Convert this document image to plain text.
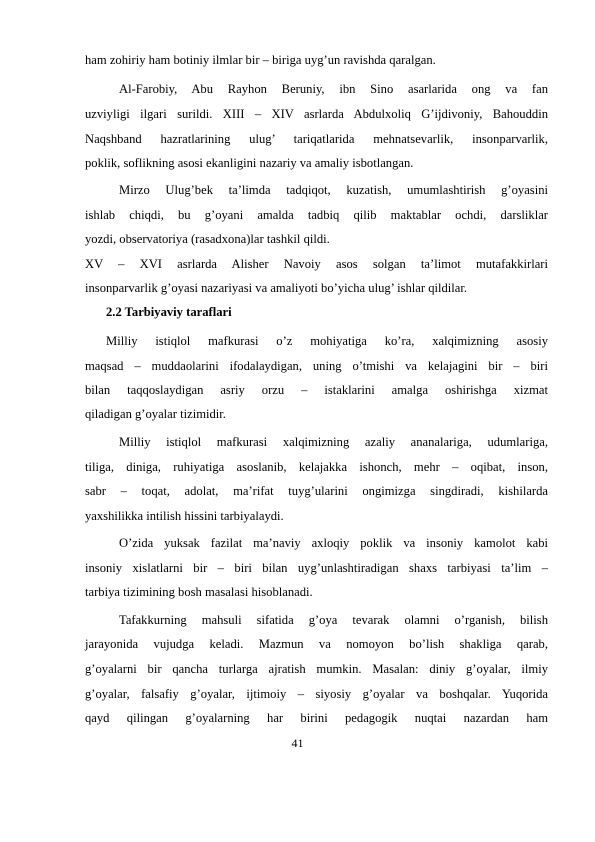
ham zohiriy ham botiniy ilmlar bir – biriga uyg’un ravishda qaralgan.
Al-Farobiy, Abu Rayhon Beruniy, ibn Sino asarlarida ong va fan
uzviyligi ilgari surildi. XIII – XIV asrlarda Abdulxoliq G’ijdivoniy, Bahouddin
Naqshband hazratlarining ulug’ tariqatlarida mehnatsevarlik, insonparvarlik,
poklik, soflikning asosi ekanligini nazariy va amaliy isbotlangan.
Mirzo Ulug’bek ta’limda tadqiqot, kuzatish, umumlashtirish g’oyasini
ishlab chiqdi, bu g’oyani amalda tadbiq qilib maktablar ochdi, darsliklar
yozdi, observatoriya (rasadxona)lar tashkil qildi.
XV – XVI asrlarda Alisher Navoiy asos solgan ta’limot mutafakkirlari
insonparvarlik g’oyasi nazariyasi va amaliyoti bo’yicha ulug’ ishlar qildilar.
2.2 Tarbiyaviy taraflari
Milliy istiqlol mafkurasi o’z mohiyatiga ko’ra, xalqimizning asosiy
maqsad – muddaolarini ifodalaydigan, uning o’tmishi va kelajagini bir – biri
bilan taqqoslaydigan asriy orzu – istaklarini amalga oshirishga xizmat
qiladigan g’oyalar tizimidir.
Milliy istiqlol mafkurasi xalqimizning azaliy ananalariga, udumlariga,
tiliga, diniga, ruhiyatiga asoslanib, kelajakka ishonch, mehr – oqibat, inson,
sabr – toqat, adolat, ma’rifat tuyg’ularini ongimizga singdiradi, kishilarda
yaxshilikka intilish hissini tarbiyalaydi.
O’zida yuksak fazilat ma’naviy axloqiy poklik va insoniy kamolot kabi
insoniy xislatlarni bir – biri bilan uyg’unlashtiradigan shaxs tarbiyasi ta’lim –
tarbiya tizimining bosh masalasi hisoblanadi.
Tafakkurning mahsuli sifatida g’oya tevarak olamni o’rganish, bilish
jarayonida vujudga keladi. Mazmun va nomoyon bo’lish shakliga qarab,
g’oyalarni bir qancha turlarga ajratish mumkin. Masalan: diniy g’oyalar, ilmiy
g’oyalar, falsafiy g’oyalar, ijtimoiy – siyosiy g’oyalar va boshqalar. Yuqorida
qayd qilingan g’oyalarning har birini pedagogik nuqtai nazardan ham
41
